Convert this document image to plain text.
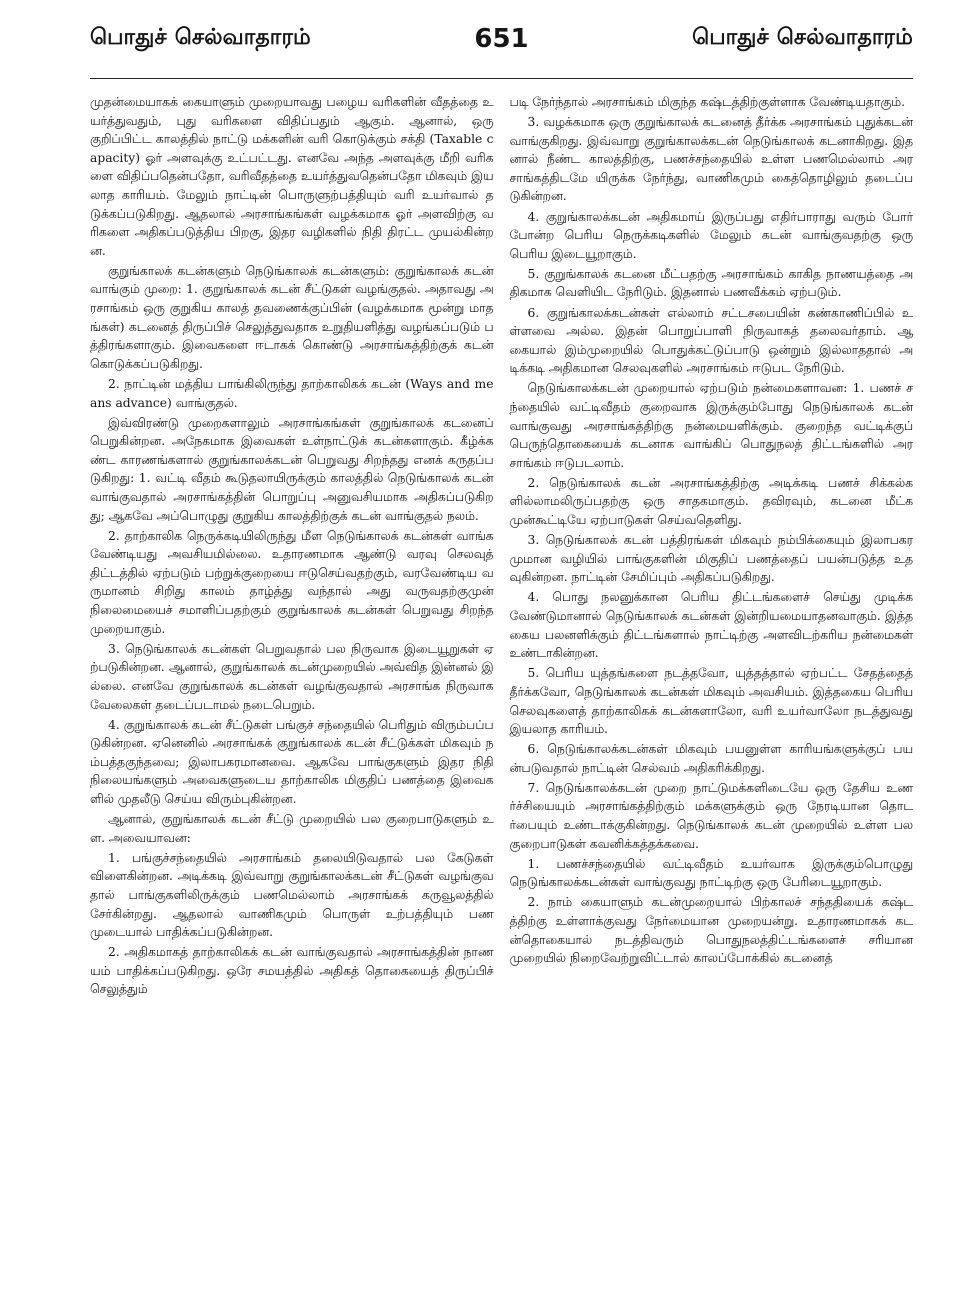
பொதுச் செல்வாதாரம்	651	பொதுச் செல்வாதாரம்

முதன்மையாகக் கையாளும் முறையாவது பழைய வரிகளின் வீதத்தை உயர்த்துவதும், புது வரிகளை விதிப்பதும் ஆகும். ஆனால், ஒரு குறிப்பிட்ட காலத்தில் நாட்டு மக்களின் வரி கொடுக்கும் சக்தி (Taxable capacity) ஓர் அளவுக்கு உட்பட்டது. எனவே அந்த அளவுக்கு மீறி வரிகளை விதிப்பதென்பதோ, வரிவீதத்தை உயர்த்துவதென்பதோ மிகவும் இயலாத காரியம். மேலும் நாட்டின் பொருளுற்பத்தியும் வரி உயர்வால் தடுக்கப்படுகிறது. ஆதலால் அரசாங்கங்கள் வழக்கமாக ஓர் அளவிற்கு வரிகளை அதிகப்படுத்திய பிறகு, இதர வழிகளில் நிதி திரட்ட முயல்கின்றன.

குறுங்காலக் கடன்களும் நெடுங்காலக் கடன்களும்: குறுங்காலக் கடன் வாங்கும் முறை: 1. குறுங்காலக் கடன் சீட்டுகள் வழங்குதல். அதாவது அரசாங்கம் ஒரு குறுகிய காலத் தவணைக்குப்பின் (வழக்கமாக மூன்று மாதங்கள்) கடனைத் திருப்பிச் செலுத்துவதாக உறுதியளித்து வழங்கப்படும் பத்திரங்களாகும். இவைகளை ஈடாகக் கொண்டு அரசாங்கத்திற்குக் கடன் கொடுக்கப்படுகிறது.

2. நாட்டின் மத்திய பாங்கிலிருந்து தாற்காலிகக் கடன் (Ways and means advance) வாங்குதல்.

இவ்விரண்டு முறைகளாலும் அரசாங்கங்கள் குறுங்காலக் கடனைப் பெறுகின்றன. அநேகமாக இவைகள் உள்நாட்டுக் கடன்களாகும். கீழ்க்கண்ட காரணங்களால் குறுங்காலக்கடன் பெறுவது சிறந்தது எனக் கருதப்படுகிறது: 1. வட்டி வீதம் கூடுதலாயிருக்கும் காலத்தில் நெடுங்காலக் கடன் வாங்குவதால் அரசாங்கத்தின் பொறுப்பு அனுவசியமாக அதிகப்படுகிறது; ஆகவே அப்பொழுது குறுகிய காலத்திற்குக் கடன் வாங்குதல் நலம்.

2. தாற்காலிக நெருக்கடியிலிருந்து மீள நெடுங்காலக் கடன்கள் வாங்கவேண்டியது அவசியமில்லை. உதாரணமாக ஆண்டு வரவு செலவுத் திட்டத்தில் ஏற்படும் பற்றுக்குறையை ஈடுசெய்வதற்கும், வரவேண்டிய வருமானம் சிறிது காலம் தாழ்த்து வந்தால் அது வருவதற்குமுன் நிலைமையைச் சமாளிப்பதற்கும் குறுங்காலக் கடன்கள் பெறுவது சிறந்த முறையாகும்.

3. நெடுங்காலக் கடன்கள் பெறுவதால் பல நிருவாக இடையூறுகள் ஏற்படுகின்றன. ஆனால், குறுங்காலக் கடன்முறையில் அவ்வித இன்னல் இல்லை. எனவே குறுங்காலக் கடன்கள் வழங்குவதால் அரசாங்க நிருவாக வேலைகள் தடைப்படாமல் நடைபெறும்.

4. குறுங்காலக் கடன் சீட்டுகள் பங்குச் சந்தையில் பெரிதும் விரும்பப்படுகின்றன. ஏனெனில் அரசாங்கக் குறுங்காலக் கடன் சீட்டுக்கள் மிகவும் நம்பத்தகுந்தவை; இலாபகரமானவை. ஆகவே பாங்குகளும் இதர நிதி நிலையங்களும் அவைகளுடைய தாற்காலிக மிகுதிப் பணத்தை இவைகளில் முதலீடு செய்ய விரும்புகின்றன.

ஆனால், குறுங்காலக் கடன் சீட்டு முறையில் பல குறைபாடுகளும் உள. அவையாவன:

1. பங்குச்சந்தையில் அரசாங்கம் தலையிடுவதால் பல கேடுகள் விளைகின்றன. அடிக்கடி இவ்வாறு குறுங்காலக்கடன் சீட்டுகள் வழங்குவதால் பாங்குகளிலிருக்கும் பணமெல்லாம் அரசாங்கக் கருவூலத்தில் சேர்கின்றது. ஆதலால் வாணிகமும் பொருள் உற்பத்தியும் பணமுடையால் பாதிக்கப்படுகின்றன.

2. அதிகமாகத் தாற்காலிகக் கடன் வாங்குவதால் அரசாங்கத்தின் நாணயம் பாதிக்கப்படுகிறது. ஒரே சமயத்தில் அதிகத் தொகையைத் திருப்பிச் செலுத்தும்

படி நேர்ந்தால் அரசாங்கம் மிகுந்த கஷ்டத்திற்குள்ளாக வேண்டியதாகும்.

3. வழக்கமாக ஒரு குறுங்காலக் கடனைத் தீர்க்க அரசாங்கம் புதுக்கடன் வாங்குகிறது. இவ்வாறு குறுங்காலக்கடன் நெடுங்காலக் கடனாகிறது. இதனால் நீண்ட காலத்திற்கு, பணச்சந்தையில் உள்ள பணமெல்லாம் அரசாங்கத்திடமே யிருக்க நேர்ந்து, வாணிகமும் கைத்தொழிலும் தடைப்படுகின்றன.

4. குறுங்காலக்கடன் அதிகமாய் இருப்பது எதிர்பாராது வரும் போர் போன்ற பெரிய நெருக்கடிகளில் மேலும் கடன் வாங்குவதற்கு ஒரு பெரிய இடையூறாகும்.

5. குறுங்காலக் கடனை மீட்பதற்கு அரசாங்கம் காகித நாணயத்தை அதிகமாக வெளியிட நேரிடும். இதனால் பணவீக்கம் ஏற்படும்.

6. குறுங்காலக்கடன்கள் எல்லாம் சட்டசபையின் கண்காணிப்பில் உள்ளவை அல்ல. இதன் பொறுப்பாளி நிருவாகத் தலைவர்தாம். ஆகையால் இம்முறையில் பொதுக்கட்டுப்பாடு ஒன்றும் இல்லாததால் அடிக்கடி அதிகமான செலவுகளில் அரசாங்கம் ஈடுபட நேரிடும்.

நெடுங்காலக்கடன் முறையால் ஏற்படும் நன்மைகளாவன: 1. பணச் சந்தையில் வட்டிவீதம் குறைவாக இருக்கும்போது நெடுங்காலக் கடன் வாங்குவது அரசாங்கத்திற்கு நன்மையளிக்கும். குறைந்த வட்டிக்குப் பெருந்தொகையைக் கடனாக வாங்கிப் பொதுநலத் திட்டங்களில் அரசாங்கம் ஈடுபடலாம்.

2. நெடுங்காலக் கடன் அரசாங்கத்திற்கு அடிக்கடி பணச் சிக்கல்களில்லாமலிருப்பதற்கு ஒரு சாதகமாகும். தவிரவும், கடனை மீட்க முன்கூட்டியே ஏற்பாடுகள் செய்வதெளிது.

3. நெடுங்காலக் கடன் பத்திரங்கள் மிகவும் நம்பிக்கையும் இலாபகரமுமான வழியில் பாங்குகளின் மிகுதிப் பணத்தைப் பயன்படுத்த உதவுகின்றன. நாட்டின் சேமிப்பும் அதிகப்படுகிறது.

4. பொது நலனுக்கான பெரிய திட்டங்களைச் செய்து முடிக்க வேண்டுமானால் நெடுங்காலக் கடன்கள் இன்றியமையாதனவாகும். இத்தகைய பலனளிக்கும் திட்டங்களால் நாட்டிற்கு அளவிடற்கரிய நன்மைகள் உண்டாகின்றன.

5. பெரிய யுத்தங்களை நடத்தவோ, யுத்தத்தால் ஏற்பட்ட சேதத்தைத் தீர்க்கவோ, நெடுங்காலக் கடன்கள் மிகவும் அவசியம். இத்தகைய பெரிய செலவுகளைத் தாற்காலிகக் கடன்களாலோ, வரி உயர்வாலோ நடத்துவது இயலாத காரியம்.

6. நெடுங்காலக்கடன்கள் மிகவும் பயனுள்ள காரியங்களுக்குப் பயன்படுவதால் நாட்டின் செல்வம் அதிகரிக்கிறது.

7. நெடுங்காலக்கடன் முறை நாட்டுமக்களிடையே ஒரு தேசிய உணர்ச்சியையும் அரசாங்கத்திற்கும் மக்களுக்கும் ஒரு நேரடியான தொடர்பையும் உண்டாக்குகின்றது. நெடுங்காலக் கடன் முறையில் உள்ள பல குறைபாடுகள் கவனிக்கத்தக்கவை.

1. பணச்சந்தையில் வட்டிவீதம் உயர்வாக இருக்கும்பொழுது நெடுங்காலக்கடன்கள் வாங்குவது நாட்டிற்கு ஒரு பேரிடையூறாகும்.

2. நாம் கையாளும் கடன்முறையால் பிற்காலச் சந்ததியைக் கஷ்டத்திற்கு உள்ளாக்குவது நேர்மையான முறையன்று. உதாரணமாகக் கடன்தொகையால் நடத்திவரும் பொதுநலத்திட்டங்களைச் சரியான முறையில் நிறைவேற்றுவிட்டால் காலப்போக்கில் கடனைத்
